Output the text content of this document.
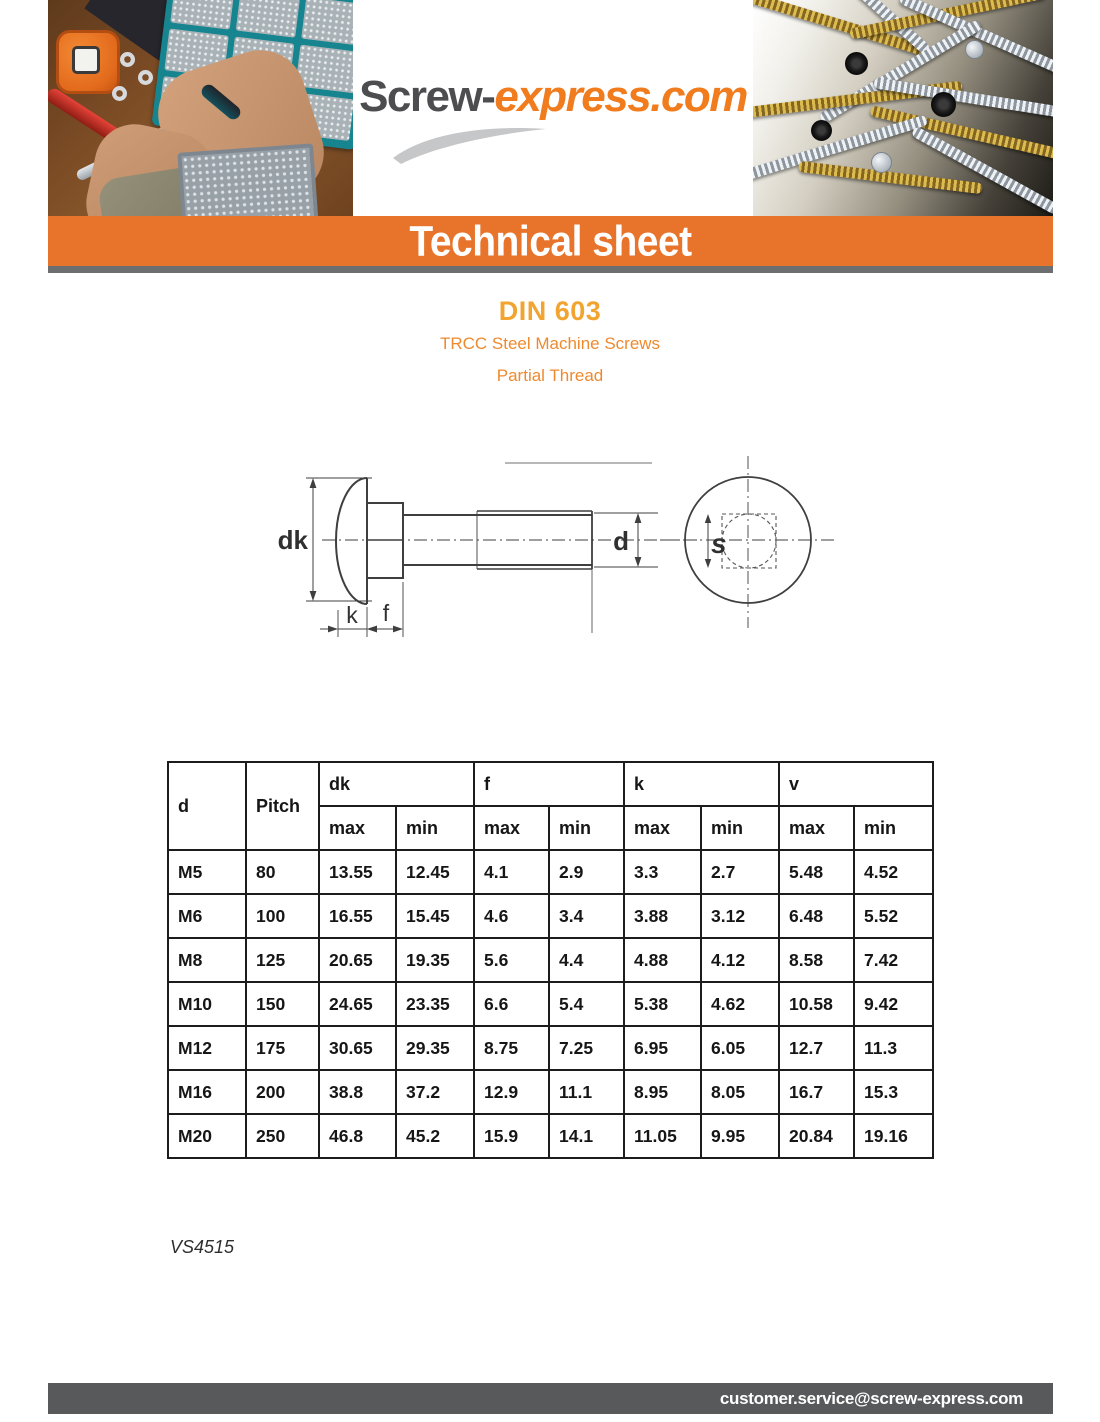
Screw-express.com
Technical sheet
DIN 603
TRCC Steel Machine Screws
Partial Thread
dk
k f
d	s
d	Pitch	dk		f		k		v	
		max	min	max	min	max	min	max	min
M5	80	13.55	12.45	4.1	2.9	3.3	2.7	5.48	4.52
M6	100	16.55	15.45	4.6	3.4	3.88	3.12	6.48	5.52
M8	125	20.65	19.35	5.6	4.4	4.88	4.12	8.58	7.42
M10	150	24.65	23.35	6.6	5.4	5.38	4.62	10.58	9.42
M12	175	30.65	29.35	8.75	7.25	6.95	6.05	12.7	11.3
M16	200	38.8	37.2	12.9	11.1	8.95	8.05	16.7	15.3
M20	250	46.8	45.2	15.9	14.1	11.05	9.95	20.84	19.16
VS4515
customer.service@screw-express.com
